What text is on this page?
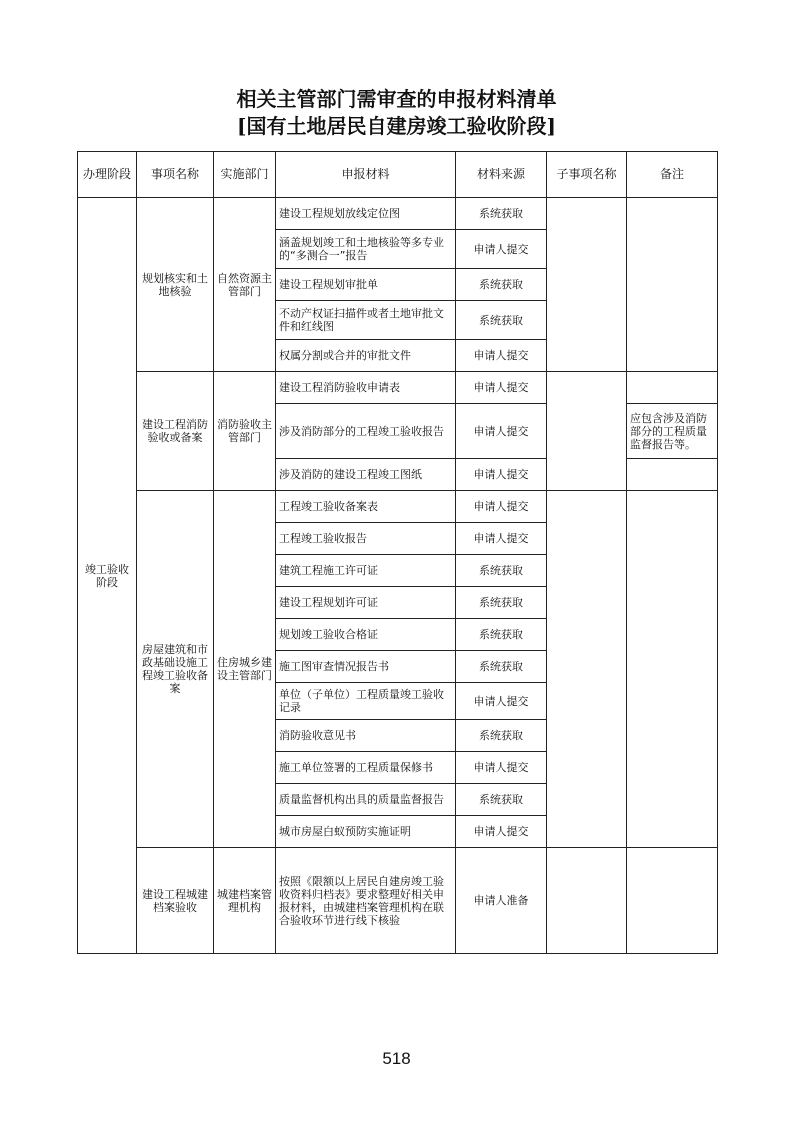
相关主管部门需审查的申报材料清单
[国有土地居民自建房竣工验收阶段]
办理阶段	事项名称	实施部门	申报材料	材料来源	子事项名称	备注
竣工验收阶段	规划核实和土地核验	自然资源主管部门	建设工程规划放线定位图	系统获取		
			涵盖规划竣工和土地核验等多专业的“多测合一”报告	申请人提交		
			建设工程规划审批单	系统获取		
			不动产权证扫描件或者土地审批文件和红线图	系统获取		
			权属分割或合并的审批文件	申请人提交		
	建设工程消防验收或备案	消防验收主管部门	建设工程消防验收申请表	申请人提交		
			涉及消防部分的工程竣工验收报告	申请人提交		应包含涉及消防部分的工程质量监督报告等。
			涉及消防的建设工程竣工图纸	申请人提交		
	房屋建筑和市政基础设施工程竣工验收备案	住房城乡建设主管部门	工程竣工验收备案表	申请人提交		
			工程竣工验收报告	申请人提交		
			建筑工程施工许可证	系统获取		
			建设工程规划许可证	系统获取		
			规划竣工验收合格证	系统获取		
			施工图审查情况报告书	系统获取		
			单位（子单位）工程质量竣工验收记录	申请人提交		
			消防验收意见书	系统获取		
			施工单位签署的工程质量保修书	申请人提交		
			质量监督机构出具的质量监督报告	系统获取		
			城市房屋白蚁预防实施证明	申请人提交		
	建设工程城建档案验收	城建档案管理机构	按照《限额以上居民自建房竣工验收资料归档表》要求整理好相关申报材料，由城建档案管理机构在联合验收环节进行线下核验	申请人准备		
518
